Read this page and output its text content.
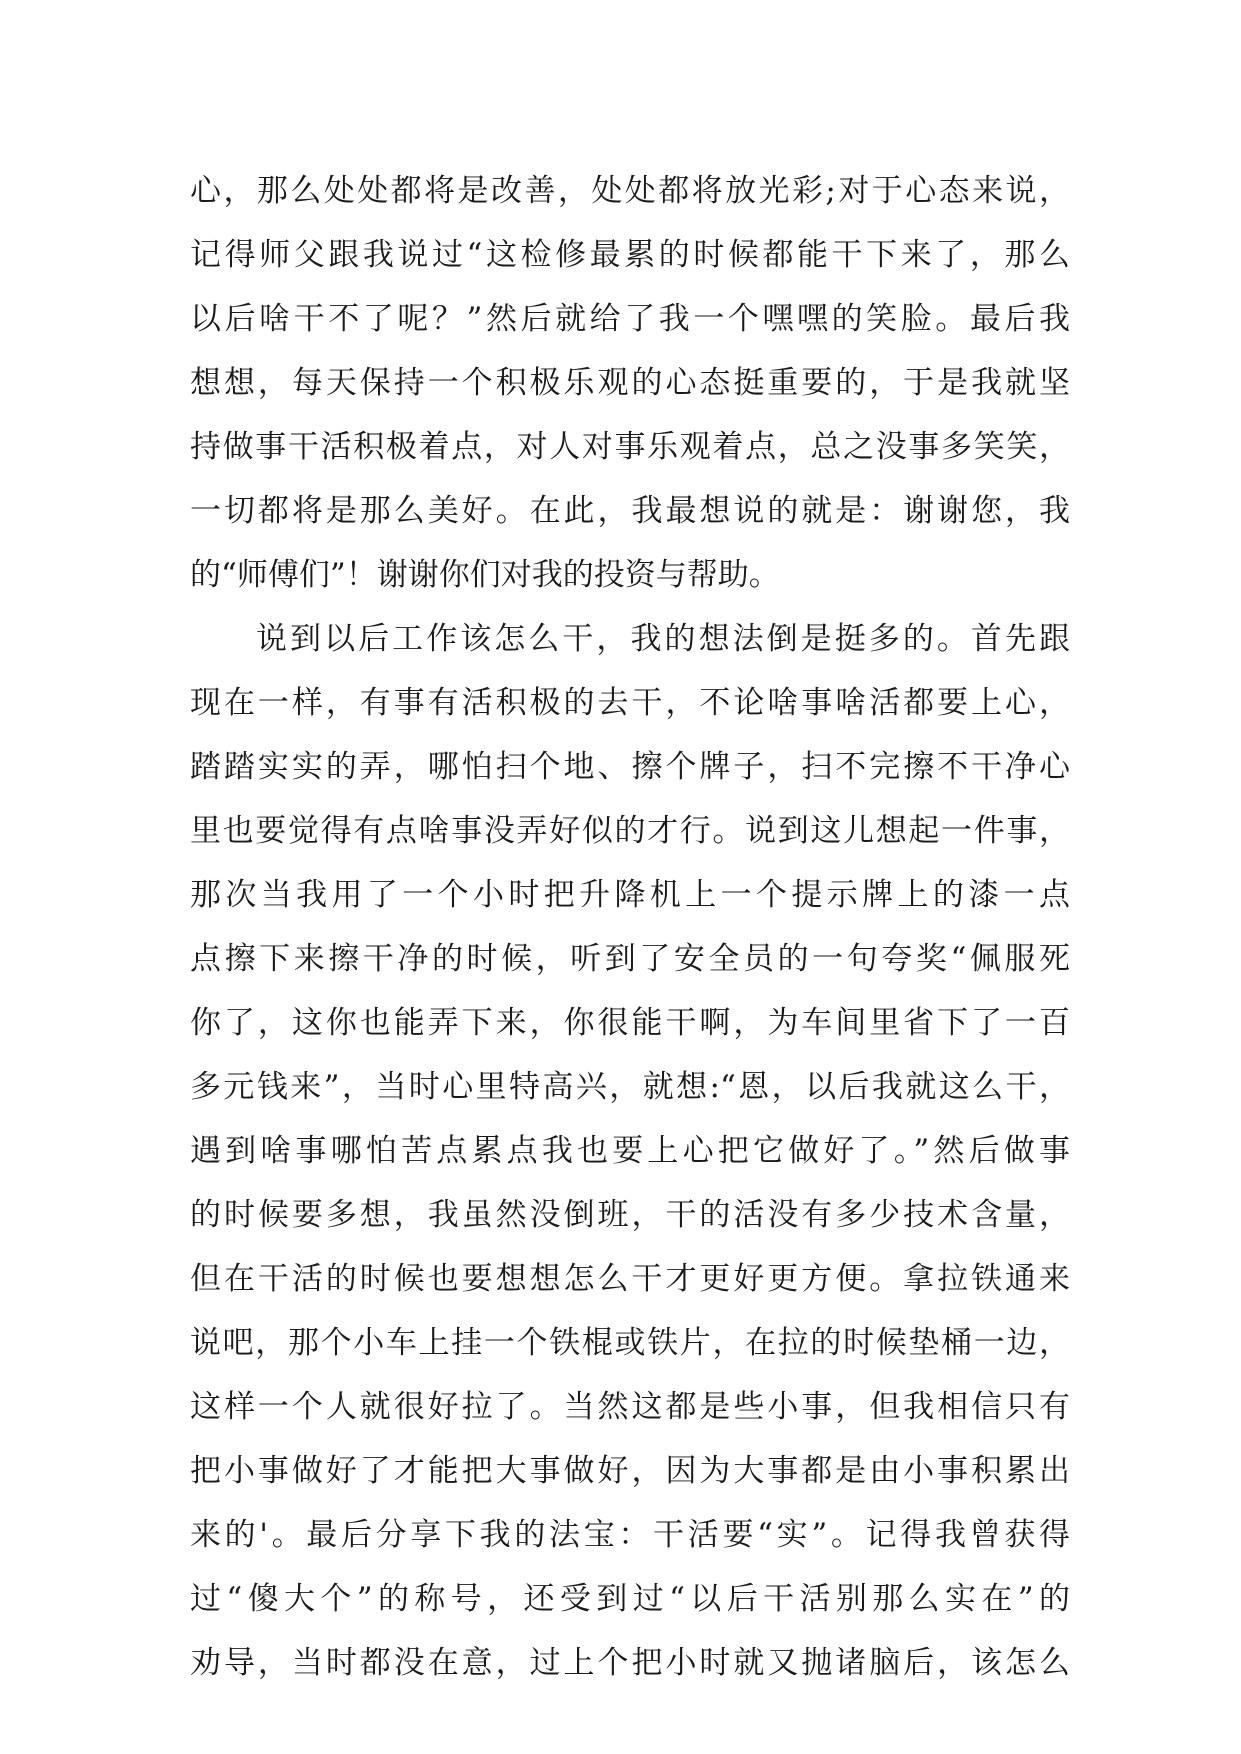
心，那么处处都将是改善，处处都将放光彩;对于心态来说，
记得师父跟我说过“这检修最累的时候都能干下来了，那么
以后啥干不了呢？”然后就给了我一个嘿嘿的笑脸。最后我
想想，每天保持一个积极乐观的心态挺重要的，于是我就坚
持做事干活积极着点，对人对事乐观着点，总之没事多笑笑，
一切都将是那么美好。在此，我最想说的就是：谢谢您，我
的“师傅们”！谢谢你们对我的投资与帮助。
说到以后工作该怎么干，我的想法倒是挺多的。首先跟
现在一样，有事有活积极的去干，不论啥事啥活都要上心，
踏踏实实的弄，哪怕扫个地、擦个牌子，扫不完擦不干净心
里也要觉得有点啥事没弄好似的才行。说到这儿想起一件事，
那次当我用了一个小时把升降机上一个提示牌上的漆一点
点擦下来擦干净的时候，听到了安全员的一句夸奖“佩服死
你了，这你也能弄下来，你很能干啊，为车间里省下了一百
多元钱来”，当时心里特高兴，就想:“恩，以后我就这么干，
遇到啥事哪怕苦点累点我也要上心把它做好了。”然后做事
的时候要多想，我虽然没倒班，干的活没有多少技术含量，
但在干活的时候也要想想怎么干才更好更方便。拿拉铁通来
说吧，那个小车上挂一个铁棍或铁片，在拉的时候垫桶一边，
这样一个人就很好拉了。当然这都是些小事，但我相信只有
把小事做好了才能把大事做好，因为大事都是由小事积累出
来的'。最后分享下我的法宝：干活要“实”。记得我曾获得
过“傻大个”的称号，还受到过“以后干活别那么实在”的
劝导，当时都没在意，过上个把小时就又抛诸脑后，该怎么
